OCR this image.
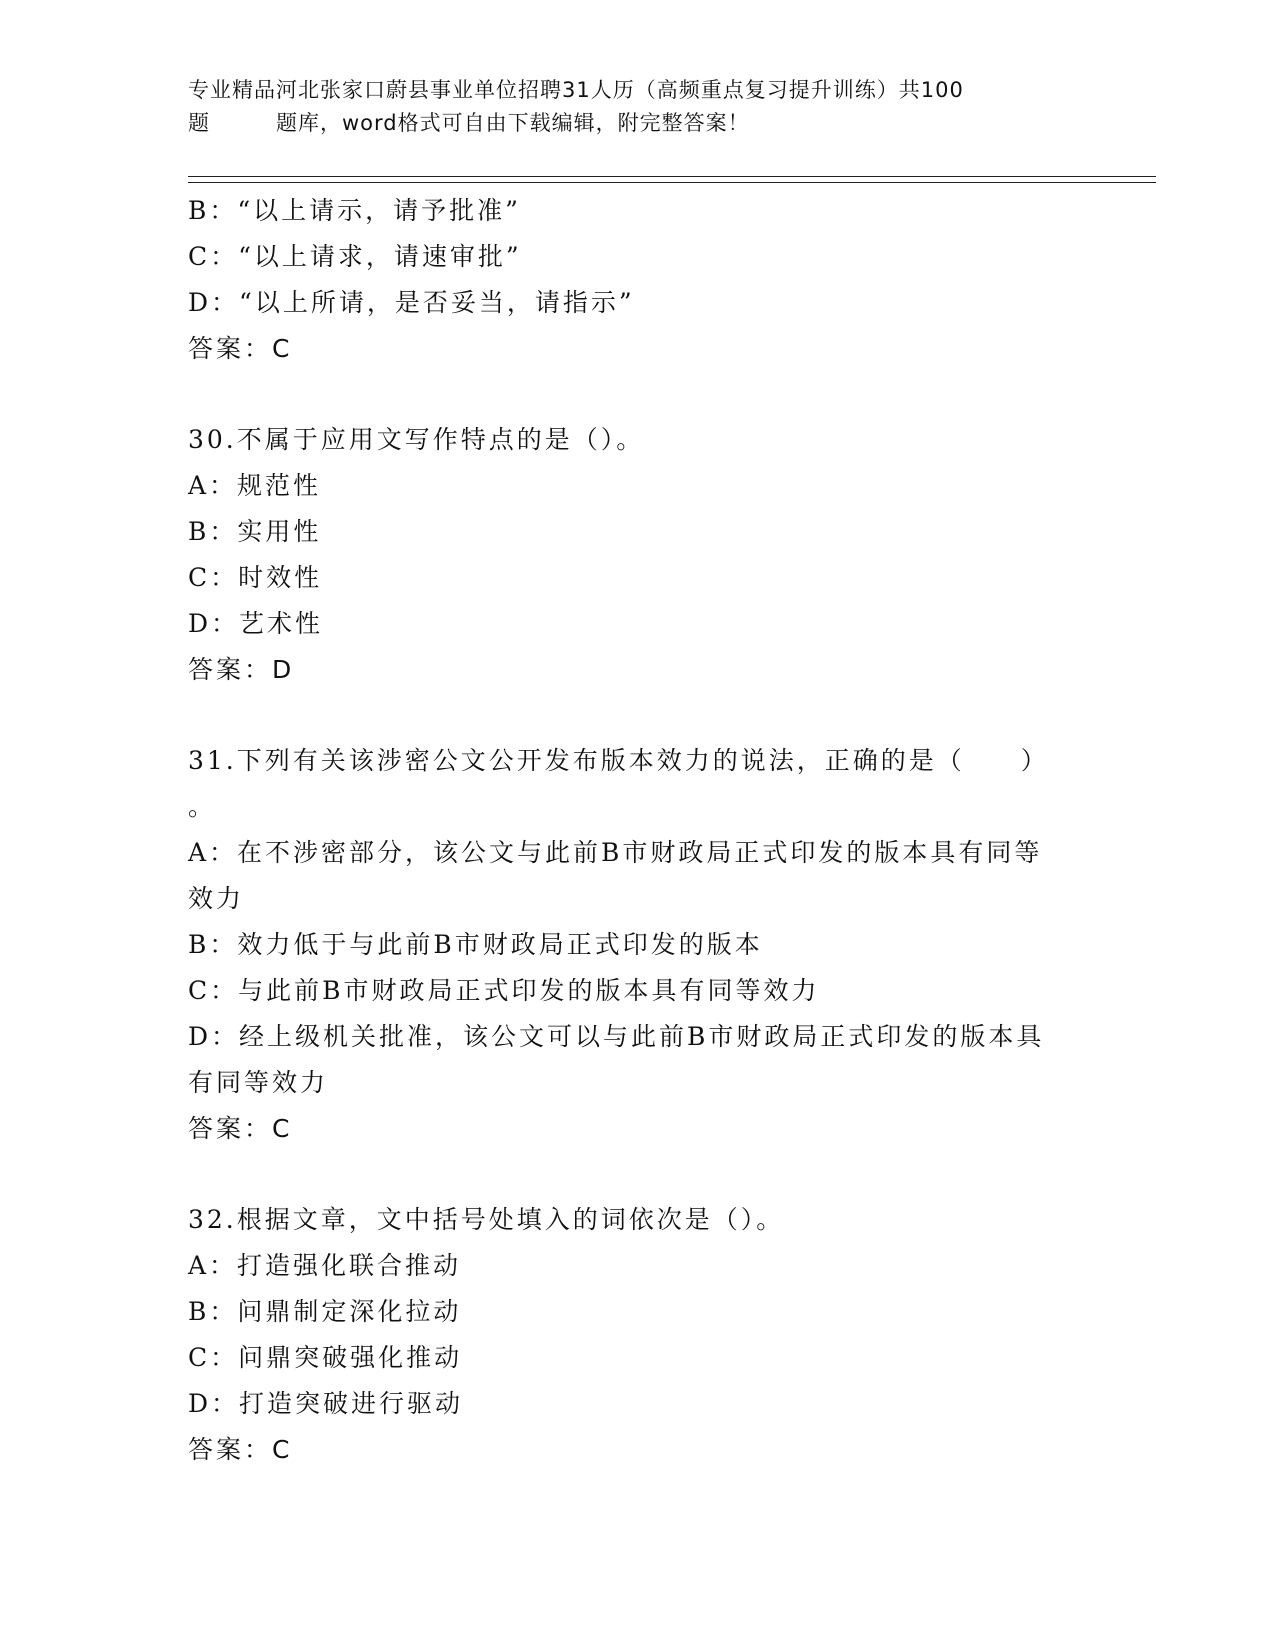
专业精品河北张家口蔚县事业单位招聘31人历（高频重点复习提升训练）共100
题	题库，word格式可自由下载编辑，附完整答案！
B：“以上请示，请予批准”
C：“以上请求，请速审批”
D：“以上所请，是否妥当，请指示”
答案：C
30.不属于应用文写作特点的是（）。
A：规范性
B：实用性
C：时效性
D：艺术性
答案：D
31.下列有关该涉密公文公开发布版本效力的说法，正确的是（　　）
。
A：在不涉密部分，该公文与此前B市财政局正式印发的版本具有同等
效力
B：效力低于与此前B市财政局正式印发的版本
C：与此前B市财政局正式印发的版本具有同等效力
D：经上级机关批准，该公文可以与此前B市财政局正式印发的版本具
有同等效力
答案：C
32.根据文章，文中括号处填入的词依次是（）。
A：打造强化联合推动
B：问鼎制定深化拉动
C：问鼎突破强化推动
D：打造突破进行驱动
答案：C
